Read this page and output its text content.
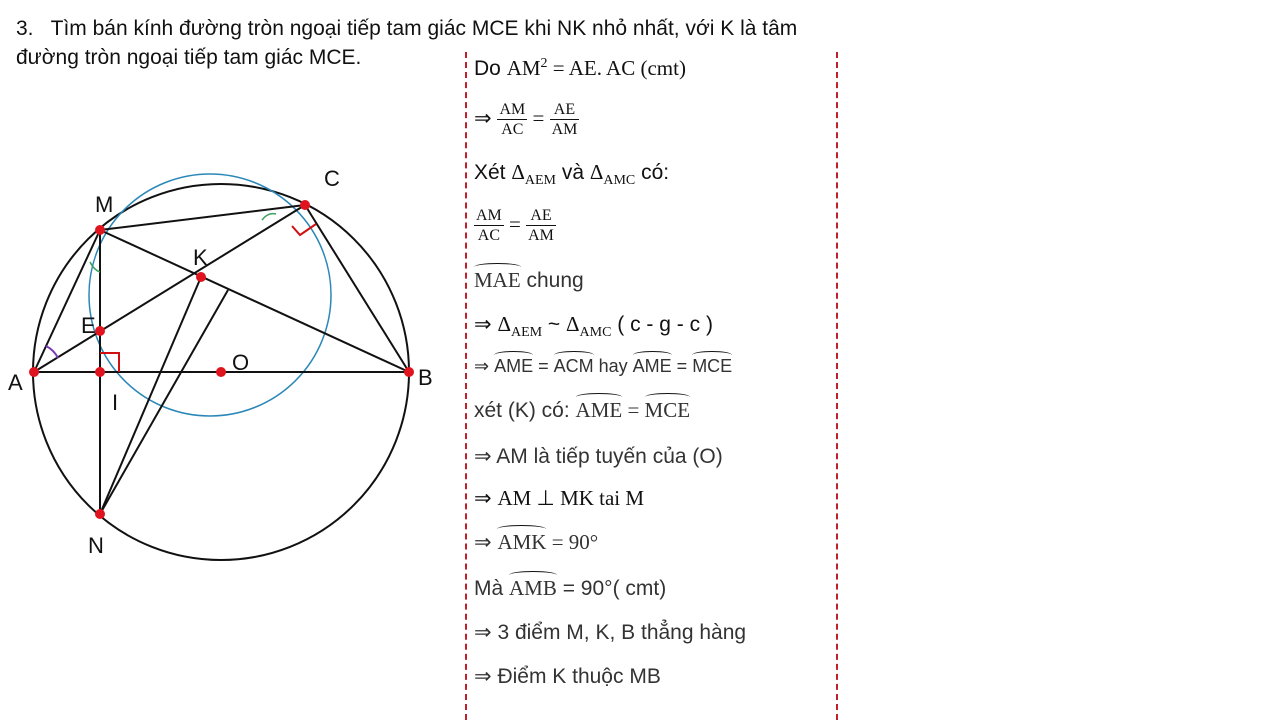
3. Tìm bán kính đường tròn ngoại tiếp tam giác MCE khi NK nhỏ nhất, với K là tâm
đường tròn ngoại tiếp tam giác MCE.
A	B
C
M
N
E
K
O
I
Do $AM^2$ = AE. AC (cmt)
⇒ $\frac{AM}{AC} = \frac{AE}{AM}$
Xét $\Delta_{AEM}$ và $\Delta_{AMC}$ có:
$\frac{AM}{AC} = \frac{AE}{AM}$
MAE chung
⇒ $\Delta_{AEM}$ ~ $\Delta_{AMC}$ ( c - g - c )
⇒ AME = ACM hay AME = MCE
xét (K) có: AME = MCE
⇒ AM là tiếp tuyến của (O)
⇒ AM ⊥ MK tai M
⇒ AMK = 90°
Mà AMB = 90°( cmt)
⇒ 3 điểm M, K, B thẳng hàng
⇒ Điểm K thuộc MB
